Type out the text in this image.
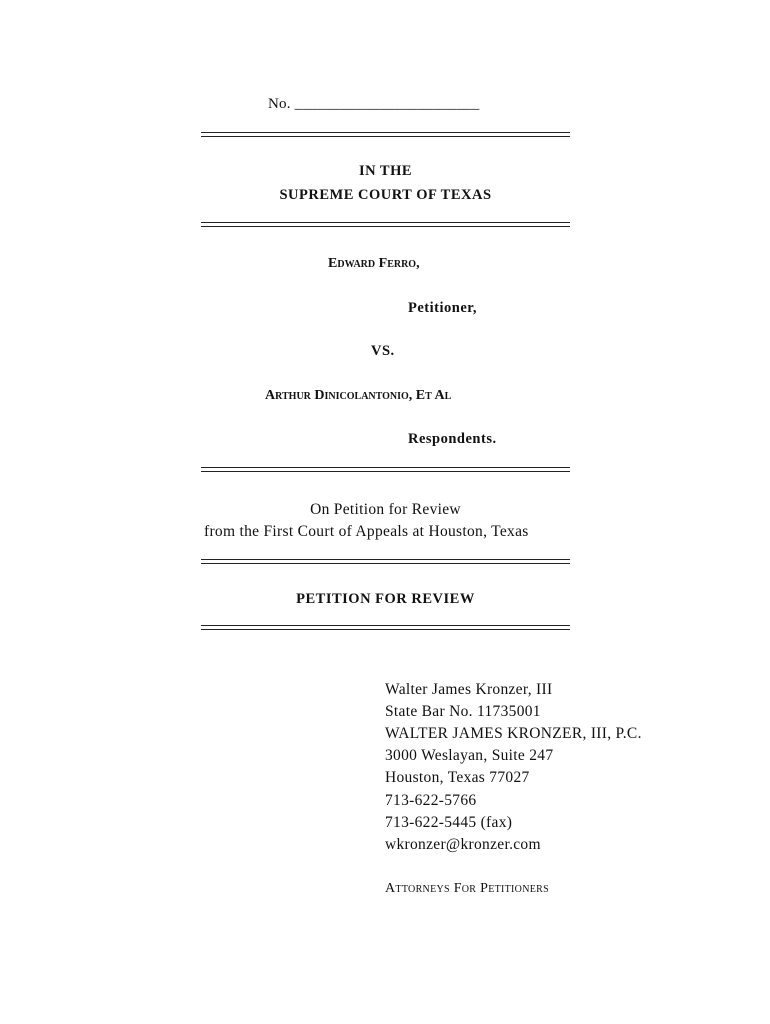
No. ________________________
IN THE
SUPREME COURT OF TEXAS
Edward Ferro,
Petitioner,
VS.
Arthur Dinicolantonio, Et Al
Respondents.
On Petition for Review
from the First Court of Appeals at Houston, Texas
PETITION FOR REVIEW
Walter James Kronzer, III
State Bar No. 11735001
WALTER JAMES KRONZER, III, P.C.
3000 Weslayan, Suite 247
Houston, Texas 77027
713-622-5766
713-622-5445 (fax)
wkronzer@kronzer.com
Attorneys For Petitioners
